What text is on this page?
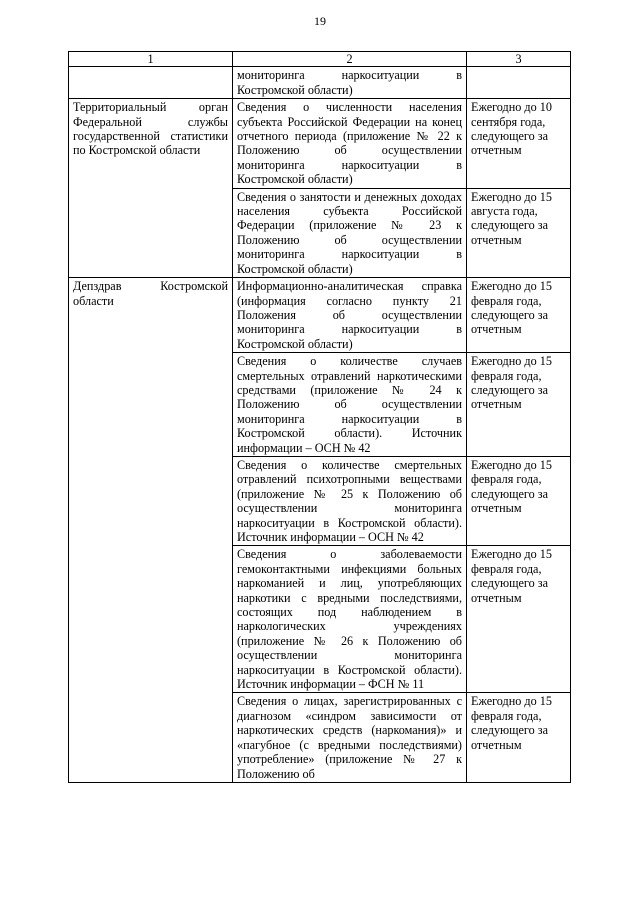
19
1	2	3
	мониторинга наркоситуации в Костромской области)	
Территориальный орган Федеральной службы государственной статистики по Костромской области	Сведения о численности населения субъекта Российской Федерации на конец отчетного периода (приложение № 22 к Положению об осуществлении мониторинга наркоситуации в Костромской области)	Ежегодно до 10 сентября года, следующего за отчетным
	Сведения о занятости и денежных доходах населения субъекта Российской Федерации (приложение № 23 к Положению об осуществлении мониторинга наркоситуации в Костромской области)	Ежегодно до 15 августа года, следующего за отчетным
Депздрав Костромской области	Информационно-аналитическая справка (информация согласно пункту 21 Положения об осуществлении мониторинга наркоситуации в Костромской области)	Ежегодно до 15 февраля года, следующего за отчетным
	Сведения о количестве случаев смертельных отравлений наркотическими средствами (приложение № 24 к Положению об осуществлении мониторинга наркоситуации в Костромской области). Источник информации – ОСН № 42	Ежегодно до 15 февраля года, следующего за отчетным
	Сведения о количестве смертельных отравлений психотропными веществами (приложение № 25 к Положению об осуществлении мониторинга наркоситуации в Костромской области). Источник информации – ОСН № 42	Ежегодно до 15 февраля года, следующего за отчетным
	Сведения о заболеваемости гемоконтактными инфекциями больных наркоманией и лиц, употребляющих наркотики с вредными последствиями, состоящих под наблюдением в наркологических учреждениях (приложение № 26 к Положению об осуществлении мониторинга наркоситуации в Костромской области). Источник информации – ФСН № 11	Ежегодно до 15 февраля года, следующего за отчетным
	Сведения о лицах, зарегистрированных с диагнозом «синдром зависимости от наркотических средств (наркомания)» и «пагубное (с вредными последствиями) употребление» (приложение № 27 к Положению об	Ежегодно до 15 февраля года, следующего за отчетным
